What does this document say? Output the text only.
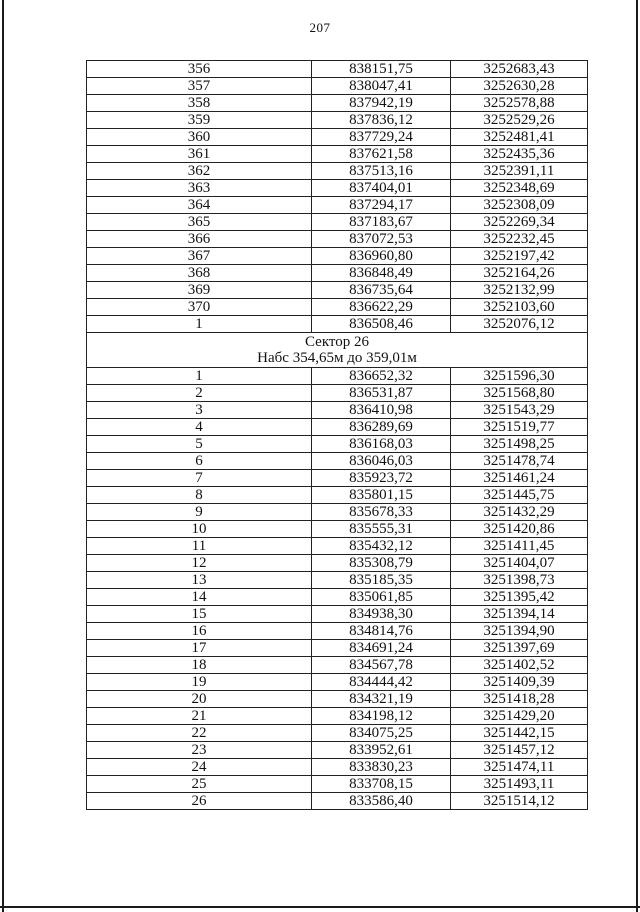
207
356	838151,75	3252683,43
357	838047,41	3252630,28
358	837942,19	3252578,88
359	837836,12	3252529,26
360	837729,24	3252481,41
361	837621,58	3252435,36
362	837513,16	3252391,11
363	837404,01	3252348,69
364	837294,17	3252308,09
365	837183,67	3252269,34
366	837072,53	3252232,45
367	836960,80	3252197,42
368	836848,49	3252164,26
369	836735,64	3252132,99
370	836622,29	3252103,60
1	836508,46	3252076,12

Сектор 26
Набс 354,65м до 359,01м		

1	836652,32	3251596,30
2	836531,87	3251568,80
3	836410,98	3251543,29
4	836289,69	3251519,77
5	836168,03	3251498,25
6	836046,03	3251478,74
7	835923,72	3251461,24
8	835801,15	3251445,75
9	835678,33	3251432,29
10	835555,31	3251420,86
11	835432,12	3251411,45
12	835308,79	3251404,07
13	835185,35	3251398,73
14	835061,85	3251395,42
15	834938,30	3251394,14
16	834814,76	3251394,90
17	834691,24	3251397,69
18	834567,78	3251402,52
19	834444,42	3251409,39
20	834321,19	3251418,28
21	834198,12	3251429,20
22	834075,25	3251442,15
23	833952,61	3251457,12
24	833830,23	3251474,11
25	833708,15	3251493,11
26	833586,40	3251514,12
